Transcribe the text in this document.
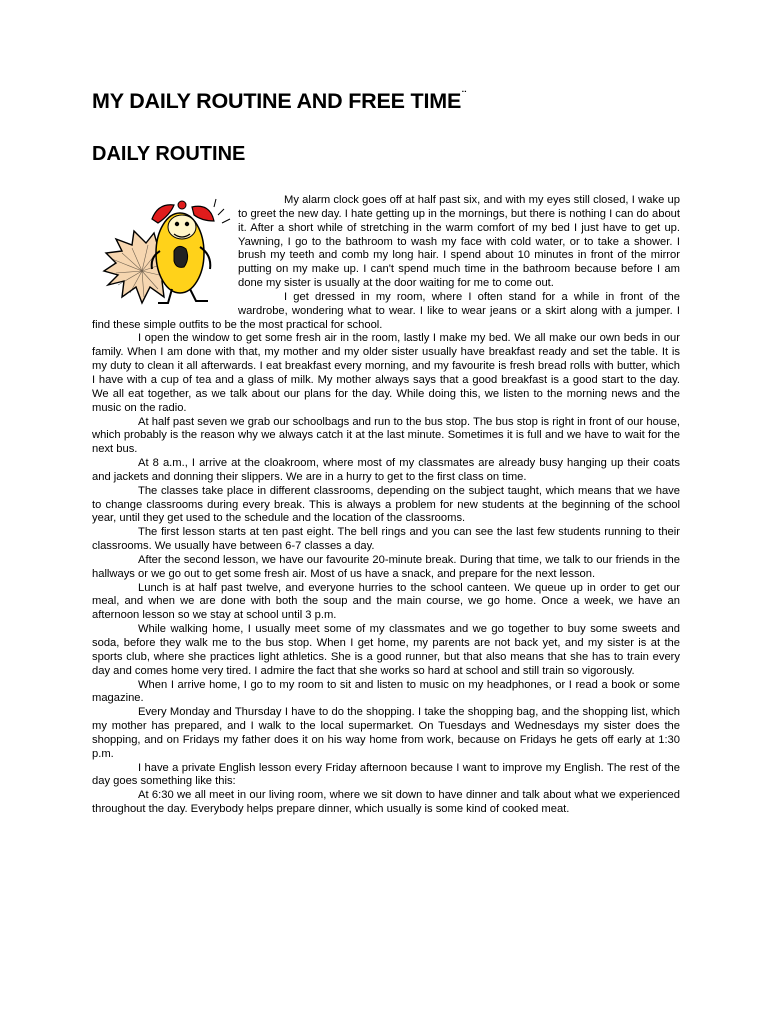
MY DAILY ROUTINE AND FREE TIME¨
DAILY ROUTINE

My alarm clock goes off at half past six, and with my eyes still closed, I wake up to greet the new day. I hate getting up in the mornings, but there is nothing I can do about it. After a short while of stretching in the warm comfort of my bed I just have to get up. Yawning, I go to the bathroom to wash my face with cold water, or to take a shower. I brush my teeth and comb my long hair. I spend about 10 minutes in front of the mirror putting on my make up. I can't spend much time in the bathroom because before I am done my sister is usually at the door waiting for me to come out.

I get dressed in my room, where I often stand for a while in front of the wardrobe, wondering what to wear. I like to wear jeans or a skirt along with a jumper. I find these simple outfits to be the most practical for school.

I open the window to get some fresh air in the room, lastly I make my bed. We all make our own beds in our family. When I am done with that, my mother and my older sister usually have breakfast ready and set the table. It is my duty to clean it all afterwards. I eat breakfast every morning, and my favourite is fresh bread rolls with butter, which I have with a cup of tea and a glass of milk. My mother always says that a good breakfast is a good start to the day. We all eat together, as we talk about our plans for the day. While doing this, we listen to the morning news and the music on the radio.

At half past seven we grab our schoolbags and run to the bus stop. The bus stop is right in front of our house, which probably is the reason why we always catch it at the last minute. Sometimes it is full and we have to wait for the next bus.

At 8 a.m., I arrive at the cloakroom, where most of my classmates are already busy hanging up their coats and jackets and donning their slippers. We are in a hurry to get to the first class on time.

The classes take place in different classrooms, depending on the subject taught, which means that we have to change classrooms during every break. This is always a problem for new students at the beginning of the school year, until they get used to the schedule and the location of the classrooms.

The first lesson starts at ten past eight. The bell rings and you can see the last few students running to their classrooms. We usually have between 6-7 classes a day.

After the second lesson, we have our favourite 20-minute break. During that time, we talk to our friends in the hallways or we go out to get some fresh air. Most of us have a snack, and prepare for the next lesson.

Lunch is at half past twelve, and everyone hurries to the school canteen. We queue up in order to get our meal, and when we are done with both the soup and the main course, we go home. Once a week, we have an afternoon lesson so we stay at school until 3 p.m.

While walking home, I usually meet some of my classmates and we go together to buy some sweets and soda, before they walk me to the bus stop. When I get home, my parents are not back yet, and my sister is at the sports club, where she practices light athletics. She is a good runner, but that also means that she has to train every day and comes home very tired. I admire the fact that she works so hard at school and still train so vigorously.

When I arrive home, I go to my room to sit and listen to music on my headphones, or I read a book or some magazine.

Every Monday and Thursday I have to do the shopping. I take the shopping bag, and the shopping list, which my mother has prepared, and I walk to the local supermarket. On Tuesdays and Wednesdays my sister does the shopping, and on Fridays my father does it on his way home from work, because on Fridays he gets off early at 1:30 p.m.

I have a private English lesson every Friday afternoon because I want to improve my English. The rest of the day goes something like this:

At 6:30 we all meet in our living room, where we sit down to have dinner and talk about what we experienced throughout the day. Everybody helps prepare dinner, which usually is some kind of cooked meat.
